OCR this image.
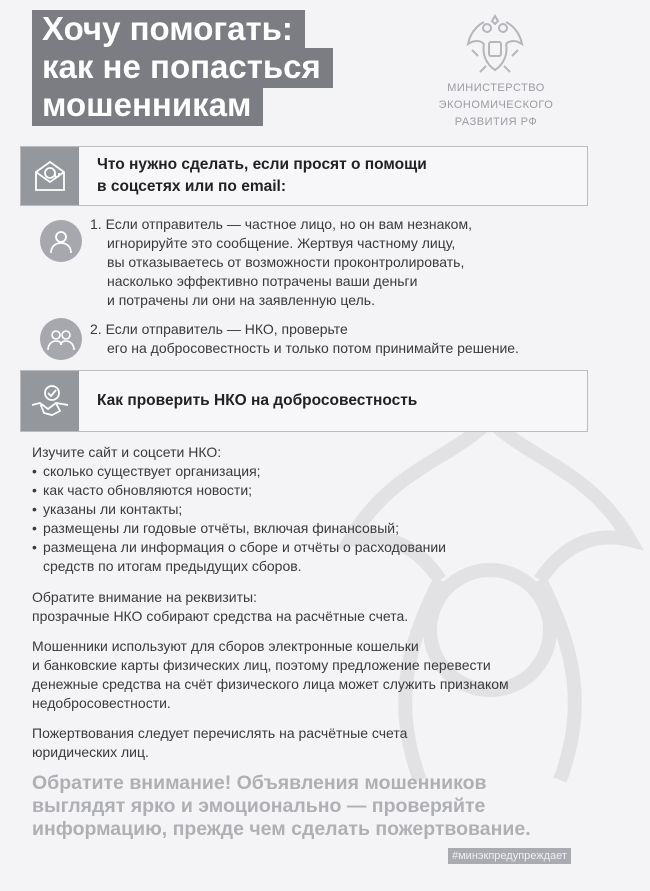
Хочу помогать:
как не попасться
мошенникам	МИНИСТЕРСТВО
ЭКОНОМИЧЕСКОГО
РАЗВИТИЯ РФ
Что нужно сделать, если просят о помощи
в соцсетях или по email:
1. Если отправитель — частное лицо, но он вам незнаком,
игнорируйте это сообщение. Жертвуя частному лицу,
вы отказываетесь от возможности проконтролировать,
насколько эффективно потрачены ваши деньги
и потрачены ли они на заявленную цель.
2. Если отправитель — НКО, проверьте
его на добросовестность и только потом принимайте решение.
Как проверить НКО на добросовестность
Изучите сайт и соцсети НКО:
• сколько существует организация;
• как часто обновляются новости;
• указаны ли контакты;
• размещены ли годовые отчёты, включая финансовый;
• размещена ли информация о сборе и отчёты о расходовании
средств по итогам предыдущих сборов.
Обратите внимание на реквизиты:
прозрачные НКО собирают средства на расчётные счета.
Мошенники используют для сборов электронные кошельки
и банковские карты физических лиц, поэтому предложение перевести
денежные средства на счёт физического лица может служить признаком
недобросовестности.
Пожертвования следует перечислять на расчётные счета
юридических лиц.
Обратите внимание! Объявления мошенников
выглядят ярко и эмоционально — проверяйте
информацию, прежде чем сделать пожертвование.
#минэкпредупреждает
